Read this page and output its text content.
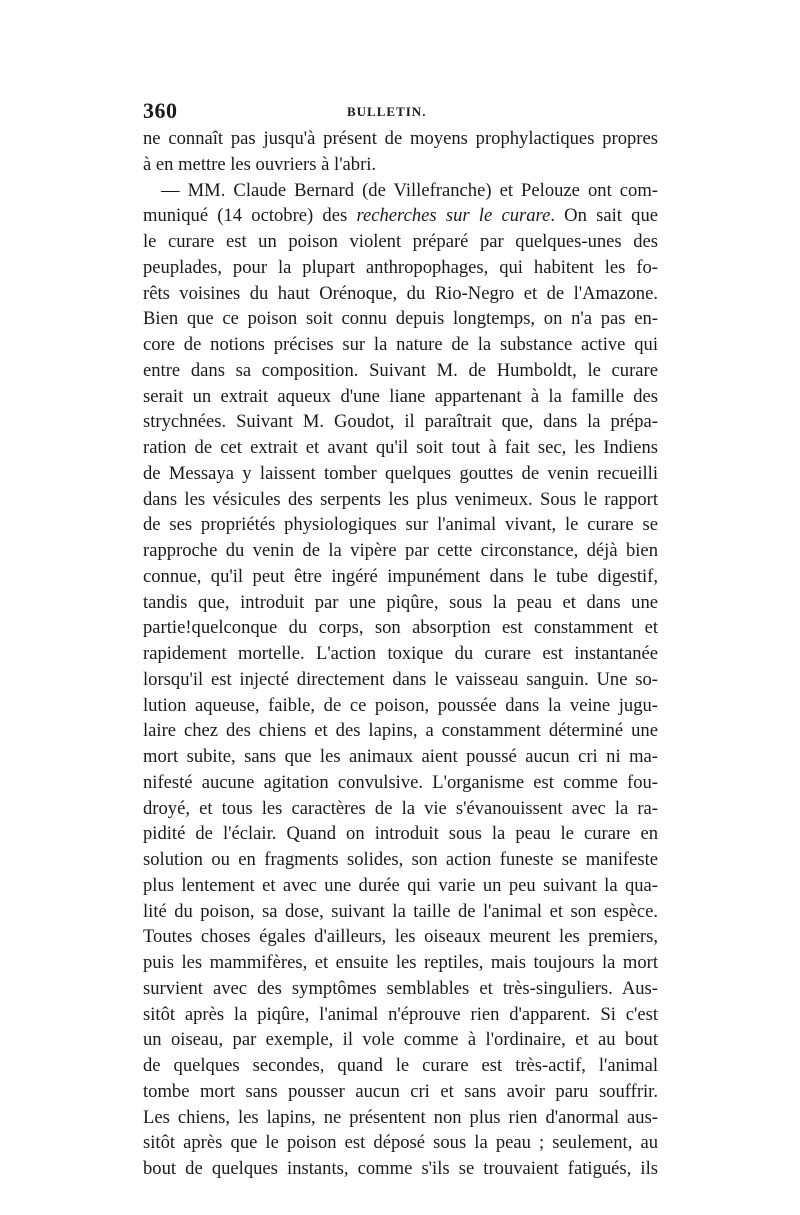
360	BULLETIN.
ne connaît pas jusqu'à présent de moyens prophylactiques propres
à en mettre les ouvriers à l'abri.
— MM. Claude Bernard (de Villefranche) et Pelouze ont com-
muniqué (14 octobre) des recherches sur le curare. On sait que
le curare est un poison violent préparé par quelques-unes des
peuplades, pour la plupart anthropophages, qui habitent les fo-
rêts voisines du haut Orénoque, du Rio-Negro et de l'Amazone.
Bien que ce poison soit connu depuis longtemps, on n'a pas en-
core de notions précises sur la nature de la substance active qui
entre dans sa composition. Suivant M. de Humboldt, le curare
serait un extrait aqueux d'une liane appartenant à la famille des
strychnées. Suivant M. Goudot, il paraîtrait que, dans la prépa-
ration de cet extrait et avant qu'il soit tout à fait sec, les Indiens
de Messaya y laissent tomber quelques gouttes de venin recueilli
dans les vésicules des serpents les plus venimeux. Sous le rapport
de ses propriétés physiologiques sur l'animal vivant, le curare se
rapproche du venin de la vipère par cette circonstance, déjà bien
connue, qu'il peut être ingéré impunément dans le tube digestif,
tandis que, introduit par une piqûre, sous la peau et dans une
partie!quelconque du corps, son absorption est constamment et
rapidement mortelle. L'action toxique du curare est instantanée
lorsqu'il est injecté directement dans le vaisseau sanguin. Une so-
lution aqueuse, faible, de ce poison, poussée dans la veine jugu-
laire chez des chiens et des lapins, a constamment déterminé une
mort subite, sans que les animaux aient poussé aucun cri ni ma-
nifesté aucune agitation convulsive. L'organisme est comme fou-
droyé, et tous les caractères de la vie s'évanouissent avec la ra-
pidité de l'éclair. Quand on introduit sous la peau le curare en
solution ou en fragments solides, son action funeste se manifeste
plus lentement et avec une durée qui varie un peu suivant la qua-
lité du poison, sa dose, suivant la taille de l'animal et son espèce.
Toutes choses égales d'ailleurs, les oiseaux meurent les premiers,
puis les mammifères, et ensuite les reptiles, mais toujours la mort
survient avec des symptômes semblables et très-singuliers. Aus-
sitôt après la piqûre, l'animal n'éprouve rien d'apparent. Si c'est
un oiseau, par exemple, il vole comme à l'ordinaire, et au bout
de quelques secondes, quand le curare est très-actif, l'animal
tombe mort sans pousser aucun cri et sans avoir paru souffrir.
Les chiens, les lapins, ne présentent non plus rien d'anormal aus-
sitôt après que le poison est déposé sous la peau ; seulement, au
bout de quelques instants, comme s'ils se trouvaient fatigués, ils
